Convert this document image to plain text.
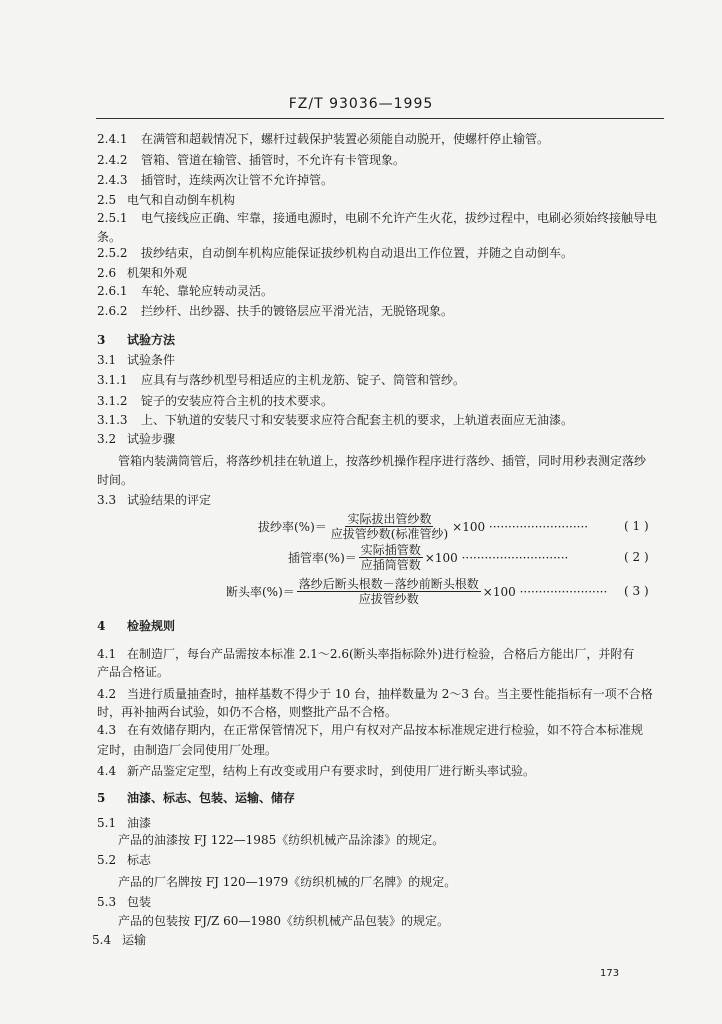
FZ/T 93036—1995
2.4.1 在满管和超载情况下，螺杆过载保护装置必须能自动脱开，使螺杆停止输管。
2.4.2 管箱、管道在输管、插管时，不允许有卡管现象。
2.4.3 插管时，连续两次让管不允许掉管。
2.5 电气和自动倒车机构
2.5.1 电气接线应正确、牢靠，接通电源时，电刷不允许产生火花，拔纱过程中，电刷必须始终接触导电
条。
2.5.2 拔纱结束，自动倒车机构应能保证拔纱机构自动退出工作位置，并随之自动倒车。
2.6 机架和外观
2.6.1 车轮、靠轮应转动灵活。
2.6.2 拦纱杆、出纱器、扶手的镀铬层应平滑光洁，无脱铬现象。
3 试验方法
3.1 试验条件
3.1.1 应具有与落纱机型号相适应的主机龙筋、锭子、筒管和管纱。
3.1.2 锭子的安装应符合主机的技术要求。
3.1.3 上、下轨道的安装尺寸和安装要求应符合配套主机的要求，上轨道表面应无油漆。
3.2 试验步骤
管箱内装满筒管后，将落纱机挂在轨道上，按落纱机操作程序进行落纱、插管，同时用秒表测定落纱
时间。
3.3 试验结果的评定
4 检验规则
4.1 在制造厂，每台产品需按本标准 2.1～2.6(断头率指标除外)进行检验，合格后方能出厂，并附有
产品合格证。
4.2 当进行质量抽查时，抽样基数不得少于 10 台，抽样数量为 2～3 台。当主要性能指标有一项不合格
时，再补抽两台试验，如仍不合格，则整批产品不合格。
4.3 在有效储存期内，在正常保管情况下，用户有权对产品按本标准规定进行检验，如不符合本标准规
定时，由制造厂会同使用厂处理。
4.4 新产品鉴定定型，结构上有改变或用户有要求时，到使用厂进行断头率试验。
5 油漆、标志、包装、运输、储存
5.1 油漆
产品的油漆按 FJ 122—1985《纺织机械产品涂漆》的规定。
5.2 标志
产品的厂名牌按 FJ 120—1979《纺织机械的厂名牌》的规定。
5.3 包装
产品的包装按 FJ/Z 60—1980《纺织机械产品包装》的规定。
5.4 运输
拔纱率(%)＝ $\frac{\text{实际拔出管纱数}}{\text{应拔管纱数(标准管纱)}} \times 100$ ··························	( 1 )
插管率(%)＝ $\frac{\text{实际插管数}}{\text{应插筒管数}} \times 100$ ····························	( 2 )
断头率(%)＝ $\frac{\text{落纱后断头根数－落纱前断头根数}}{\text{应拔管纱数}} \times 100$ ······················· ( 3 )
173
